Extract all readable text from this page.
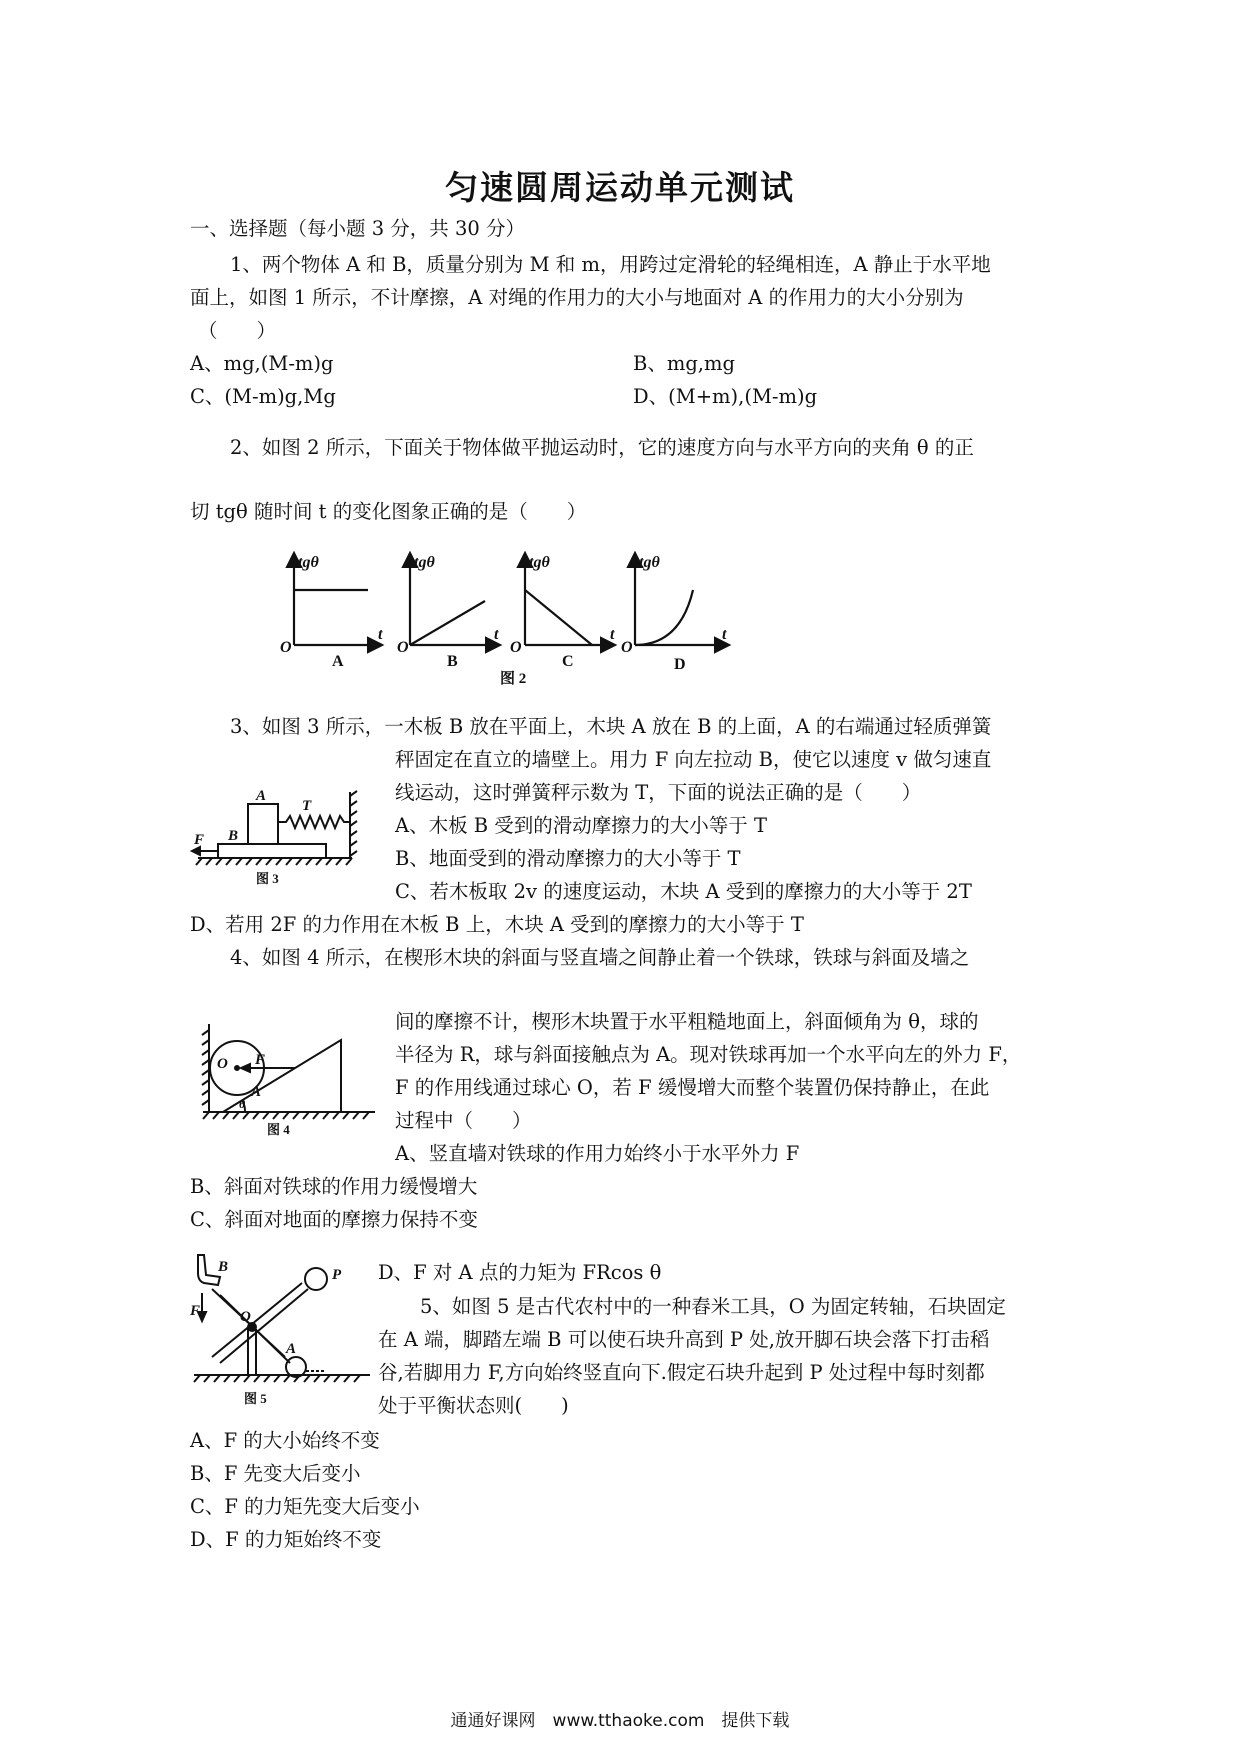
匀速圆周运动单元测试
一、选择题（每小题 3 分，共 30 分）
1、两个物体 A 和 B，质量分别为 M 和 m，用跨过定滑轮的轻绳相连，A 静止于水平地
面上，如图 1 所示，不计摩擦，A 对绳的作用力的大小与地面对 A 的作用力的大小分别为
（　　）
A、mg,(M-m)g	B、mg,mg
C、(M-m)g,Mg	D、(M+m),(M-m)g
2、如图 2 所示，下面关于物体做平抛运动时，它的速度方向与水平方向的夹角 θ 的正
切 tgθ 随时间 t 的变化图象正确的是（　　）
tgθ	tgθ	tgθ	tgθ
O	O	O	O
t	t	t	t
A	B	C	D
图 2
3、如图 3 所示，一木板 B 放在平面上，木块 A 放在 B 的上面，A 的右端通过轻质弹簧
秤固定在直立的墙壁上。用力 F 向左拉动 B，使它以速度 v 做匀速直
线运动，这时弹簧秤示数为 T，下面的说法正确的是（　　）
A、木板 B 受到的滑动摩擦力的大小等于 T
B、地面受到的滑动摩擦力的大小等于 T
C、若木板取 2v 的速度运动，木块 A 受到的摩擦力的大小等于 2T
D、若用 2F 的力作用在木板 B 上，木块 A 受到的摩擦力的大小等于 T
A
B
F
T
图 3
4、如图 4 所示，在楔形木块的斜面与竖直墙之间静止着一个铁球，铁球与斜面及墙之
间的摩擦不计，楔形木块置于水平粗糙地面上，斜面倾角为 θ，球的
半径为 R，球与斜面接触点为 A。现对铁球再加一个水平向左的外力 F，
F 的作用线通过球心 O，若 F 缓慢增大而整个装置仍保持静止，在此
过程中（　　）
A、竖直墙对铁球的作用力始终小于水平外力 F
B、斜面对铁球的作用力缓慢增大
C、斜面对地面的摩擦力保持不变
D、F 对 A 点的力矩为 FRcos θ
O F
A
θ
图 4
5、如图 5 是古代农村中的一种舂米工具，O 为固定转轴，石块固定
在 A 端，脚踏左端 B 可以使石块升高到 P 处,放开脚石块会落下打击稻
谷,若脚用力 F,方向始终竖直向下.假定石块升起到 P 处过程中每时刻都
处于平衡状态则(　　)
A、F 的大小始终不变
B、F 先变大后变小
C、F 的力矩先变大后变小
D、F 的力矩始终不变
B
F	O
P
A
图 5
通通好课网　www.tthaoke.com　提供下载
